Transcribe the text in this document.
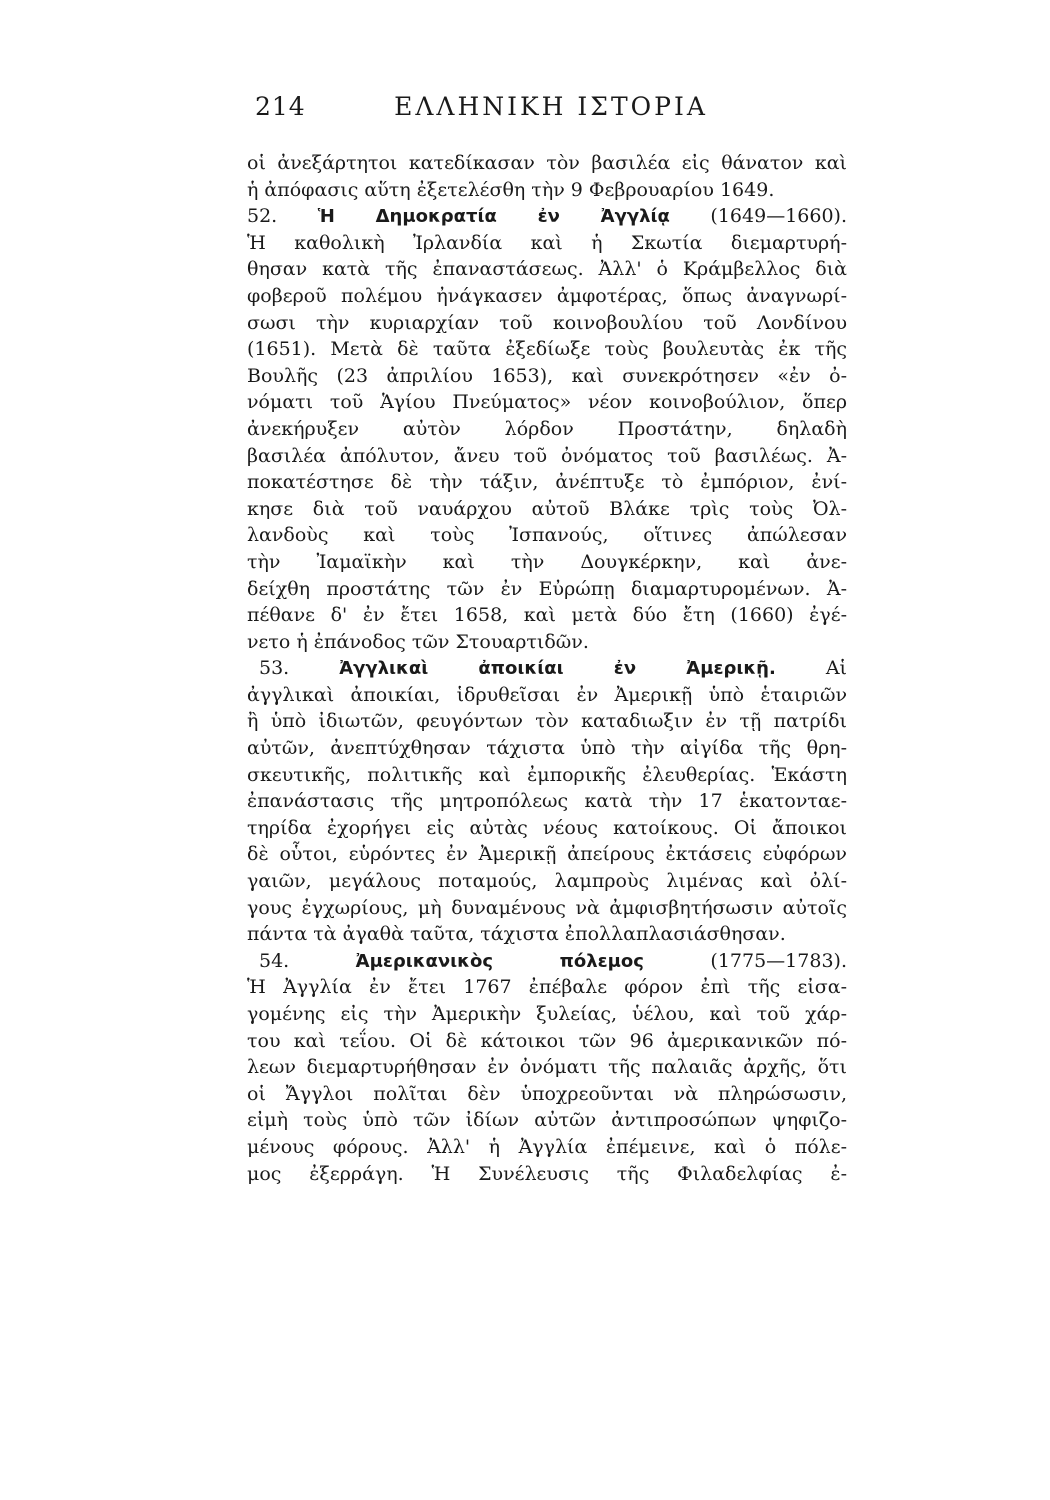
214	ΕΛΛΗΝΙΚΗ ΙΣΤΟΡΙΑ
οἱ ἀνεξάρτητοι κατεδίκασαν τὸν βασιλέα εἰς θάνατον καὶ
ἡ ἀπόφασις αὕτη ἐξετελέσθη τὴν 9 Φεβρουαρίου 1649.
52. Ἡ Δημοκρατία ἐν Ἀγγλίᾳ (1649—1660).
Ἡ καθολικὴ Ἰρλανδία καὶ ἡ Σκωτία διεμαρτυρή-
θησαν κατὰ τῆς ἐπαναστάσεως. Ἀλλ' ὁ Κράμβελλος διὰ
φοβεροῦ πολέμου ἠνάγκασεν ἀμφοτέρας, ὅπως ἀναγνωρί-
σωσι τὴν κυριαρχίαν τοῦ κοινοβουλίου τοῦ Λονδίνου
(1651). Μετὰ δὲ ταῦτα ἐξεδίωξε τοὺς βουλευτὰς ἐκ τῆς
Βουλῆς (23 ἀπριλίου 1653), καὶ συνεκρότησεν «ἐν ὀ-
νόματι τοῦ Ἁγίου Πνεύματος» νέον κοινοβούλιον, ὅπερ
ἀνεκήρυξεν αὐτὸν λόρδον Προστάτην, δηλαδὴ
βασιλέα ἀπόλυτον, ἄνευ τοῦ ὀνόματος τοῦ βασιλέως. Ἀ-
ποκατέστησε δὲ τὴν τάξιν, ἀνέπτυξε τὸ ἐμπόριον, ἐνί-
κησε διὰ τοῦ ναυάρχου αὐτοῦ Βλάκε τρὶς τοὺς Ὀλ-
λανδοὺς καὶ τοὺς Ἰσπανούς, οἵτινες ἀπώλεσαν
τὴν Ἰαμαϊκὴν καὶ τὴν Δουγκέρκην, καὶ ἀνε-
δείχθη προστάτης τῶν ἐν Εὐρώπῃ διαμαρτυρομένων. Ἀ-
πέθανε δ' ἐν ἔτει 1658, καὶ μετὰ δύο ἔτη (1660) ἐγέ-
νετο ἡ ἐπάνοδος τῶν Στουαρτιδῶν.
53.	Ἀγγλικαὶ ἀποικίαι ἐν Ἀμερικῇ.	Αἱ
ἀγγλικαὶ ἀποικίαι, ἱδρυθεῖσαι ἐν Ἀμερικῇ ὑπὸ ἑταιριῶν
ἢ ὑπὸ ἰδιωτῶν, φευγόντων τὸν καταδιωξιν ἐν τῇ πατρίδι
αὐτῶν, ἀνεπτύχθησαν τάχιστα ὑπὸ τὴν αἰγίδα τῆς θρη-
σκευτικῆς, πολιτικῆς καὶ ἐμπορικῆς ἐλευθερίας. Ἑκάστη
ἐπανάστασις τῆς μητροπόλεως κατὰ τὴν 17 ἑκατονταε-
τηρίδα ἐχορήγει εἰς αὐτὰς νέους κατοίκους. Οἱ ἄποικοι
δὲ οὗτοι, εὑρόντες ἐν Ἀμερικῇ ἀπείρους ἐκτάσεις εὐφόρων
γαιῶν, μεγάλους ποταμούς, λαμπροὺς λιμένας καὶ ὀλί-
γους ἐγχωρίους, μὴ δυναμένους νὰ ἀμφισβητήσωσιν αὐτοῖς
πάντα τὰ ἀγαθὰ ταῦτα, τάχιστα ἐπολλαπλασιάσθησαν.
54.	Ἀμερικανικὸς πόλεμος	(1775—1783).
Ἡ Ἀγγλία ἐν ἔτει 1767 ἐπέβαλε φόρον ἐπὶ τῆς εἰσα-
γομένης εἰς τὴν Ἀμερικὴν ξυλείας, ὑέλου, καὶ τοῦ χάρ-
του καὶ τεΐου. Οἱ δὲ κάτοικοι τῶν 96 ἀμερικανικῶν πό-
λεων διεμαρτυρήθησαν ἐν ὀνόματι τῆς παλαιᾶς ἀρχῆς, ὅτι
οἱ Ἄγγλοι πολῖται δὲν ὑποχρεοῦνται νὰ πληρώσωσιν,
εἰμὴ τοὺς ὑπὸ τῶν ἰδίων αὐτῶν ἀντιπροσώπων ψηφιζο-
μένους φόρους. Ἀλλ' ἡ Ἀγγλία ἐπέμεινε, καὶ ὁ πόλε-
μος ἐξερράγη. Ἡ Συνέλευσις τῆς Φιλαδελφίας ἐ-
